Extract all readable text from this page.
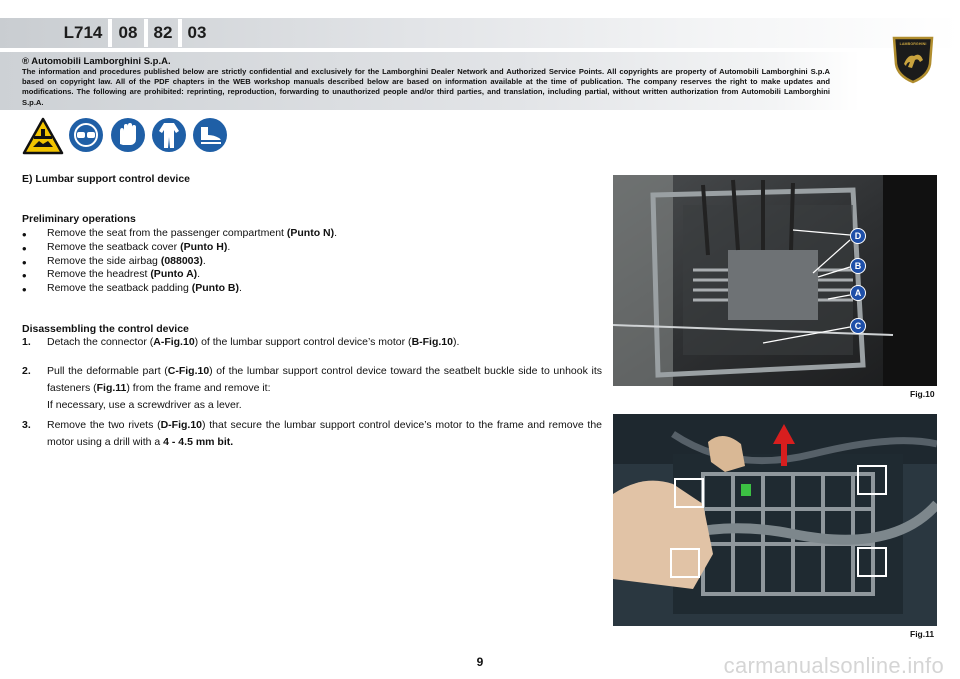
L714 08 82 03
LAMBORGHINI
® Automobili Lamborghini S.p.A.
The information and procedures published below are strictly confidential and exclusively for the Lamborghini Dealer Network and Authorized Service Points. All copyrights are property of Automobili Lamborghini S.p.A based on copyright law. All of the PDF chapters in the WEB workshop manuals described below are based on information available at the time of publication. The company reserves the right to make updates and modifications. The following are prohibited: reprinting, reproduction, forwarding to unauthorized people and/or third parties, and translation, including partial, without written authorization from Automobili Lamborghini S.p.A.
E) Lumbar support control device
Preliminary operations
• Remove the seat from the passenger compartment (Punto N).
• Remove the seatback cover (Punto H).
• Remove the side airbag (088003).
• Remove the headrest (Punto A).
• Remove the seatback padding (Punto B).
Disassembling the control device
1. Detach the connector (A-Fig.10) of the lumbar support control device’s motor (B-Fig.10).
2. Pull the deformable part (C-Fig.10) of the lumbar support control device toward the seatbelt buckle side to unhook its fasteners (Fig.11) from the frame and remove it:
If necessary, use a screwdriver as a lever.
3. Remove the two rivets (D-Fig.10) that secure the lumbar support control device’s motor to the frame and remove the motor using a drill with a 4 - 4.5 mm bit.
D
B
A
C
Fig.10
Fig.11
9	carmanualsonline.info
